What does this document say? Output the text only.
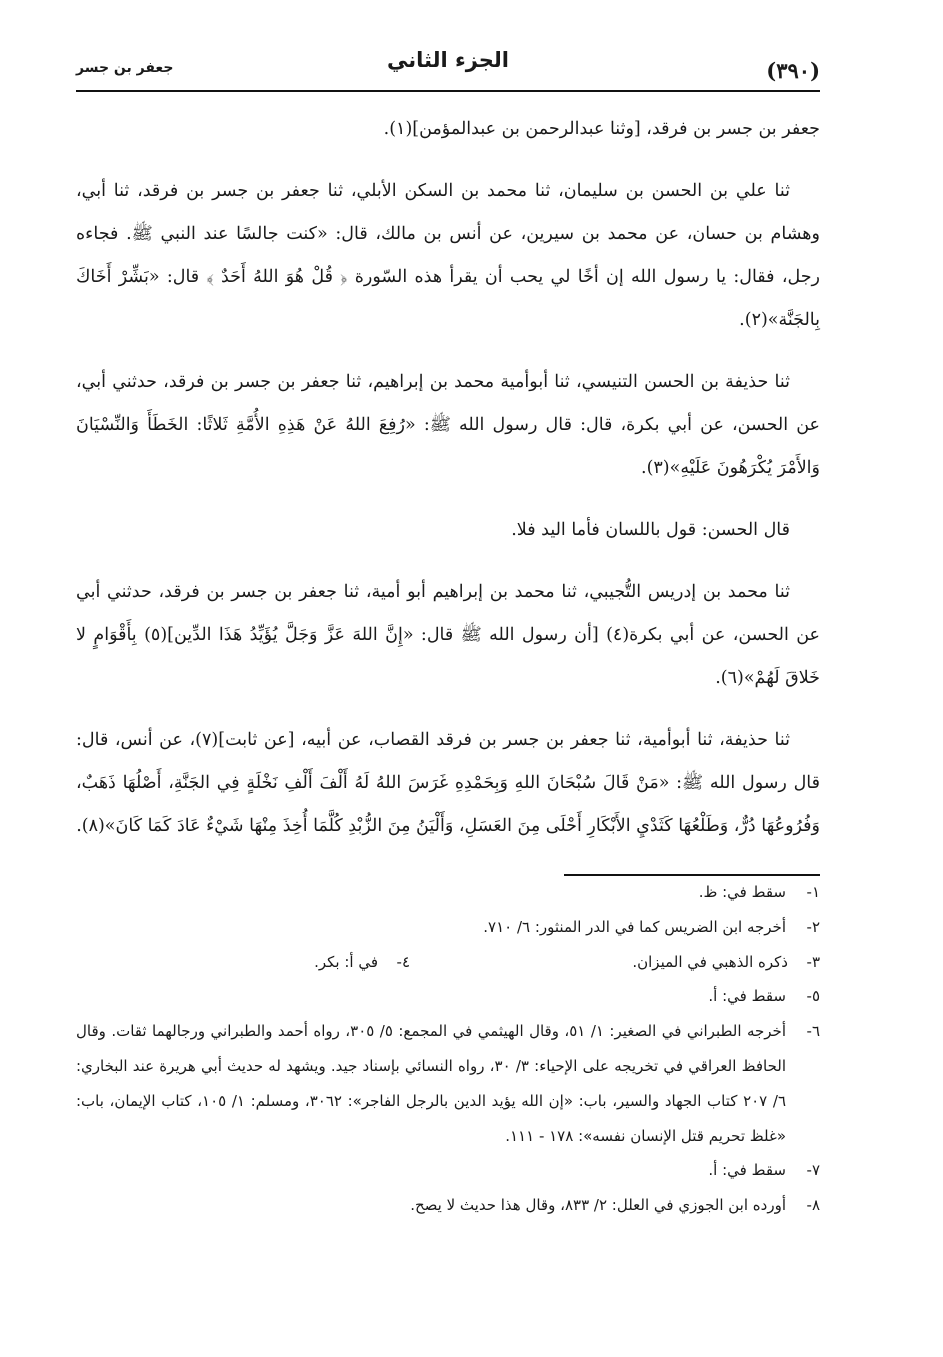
(٣٩٠)
الجزء الثاني
جعفر بن جسر

جعفر بن جسر بن فرقد، [وثنا عبدالرحمن بن عبدالمؤمن](١).

ثنا علي بن الحسن بن سليمان، ثنا محمد بن السكن الأبلي، ثنا جعفر بن جسر بن فرقد، ثنا أبي، وهشام بن حسان، عن محمد بن سيرين، عن أنس بن مالك، قال: «كنت جالسًا عند النبي ﷺ. فجاءه رجل، فقال: يا رسول الله إن أخًا لي يحب أن يقرأ هذه السّورة ﴿ قُلْ هُوَ اللهُ أَحَدٌ ﴾ قال: «بَشِّرْ أَخَاكَ بِالجَنَّة»(٢).

ثنا حذيفة بن الحسن التنيسي، ثنا أبوأمية محمد بن إبراهيم، ثنا جعفر بن جسر بن فرقد، حدثني أبي، عن الحسن، عن أبي بكرة، قال: قال رسول الله ﷺ: «رُفِعَ اللهُ عَنْ هَذِهِ الأُمَّةِ ثَلاثًا: الخَطَأَ وَالنِّسْيَانَ وَالأَمْرَ يُكْرَهُونَ عَلَيْهِ»(٣).

قال الحسن: قول باللسان فأما اليد فلا.

ثنا محمد بن إدريس التُّجيبي، ثنا محمد بن إبراهيم أبو أمية، ثنا جعفر بن جسر بن فرقد، حدثني أبي عن الحسن، عن أبي بكرة(٤) [أن رسول الله ﷺ قال: «إِنَّ اللهَ عَزَّ وَجَلَّ يُؤَيِّدُ هَذَا الدِّين](٥) بِأَقْوَامٍ لا خَلاقَ لَهُمْ»(٦).

ثنا حذيفة، ثنا أبوأمية، ثنا جعفر بن جسر بن فرقد القصاب، عن أبيه، [عن ثابت](٧)، عن أنس، قال: قال رسول الله ﷺ: «مَنْ قَالَ سُبْحَانَ اللهِ وَبِحَمْدِهِ غَرَسَ اللهُ لَهُ أَلْفَ أَلْفِ نَخْلَةٍ فِي الجَنَّةِ، أَصْلُهَا ذَهَبٌ، وَفُرُوعُهَا دُرٌّ، وَطَلْعُهَا كَثَدْيِ الأَبْكَارِ أَحْلَى مِنَ العَسَلِ، وَأَلْيَنُ مِنَ الزُّبْدِ كُلَّمَا أُخِذَ مِنْهَا شَيْءٌ عَادَ كَمَا كَانَ»(٨).

١-
سقط في: ظ.
٢-
أخرجه ابن الضريس كما في الدر المنثور: ٦/ ٧١٠.
٣-ذكره الذهبي في الميزان.
٤-في أ: بكر.
٥-
سقط في: أ.
٦-
أخرجه الطبراني في الصغير: ١/ ٥١، وقال الهيثمي في المجمع: ٥/ ٣٠٥، رواه أحمد والطبراني ورجالهما ثقات. وقال الحافظ العراقي في تخريجه على الإحياء: ٣/ ٣٠، رواه النسائي بإسناد جيد. ويشهد له حديث أبي هريرة عند البخاري: ٦/ ٢٠٧ كتاب الجهاد والسير، باب: «إن الله يؤيد الدين بالرجل الفاجر»: ٣٠٦٢، ومسلم: ١/ ١٠٥، كتاب الإيمان، باب: «غلظ تحريم قتل الإنسان نفسه»: ١٧٨ - ١١١.
٧-
سقط في: أ.
٨-
أورده ابن الجوزي في العلل: ٢/ ٨٣٣، وقال هذا حديث لا يصح.
